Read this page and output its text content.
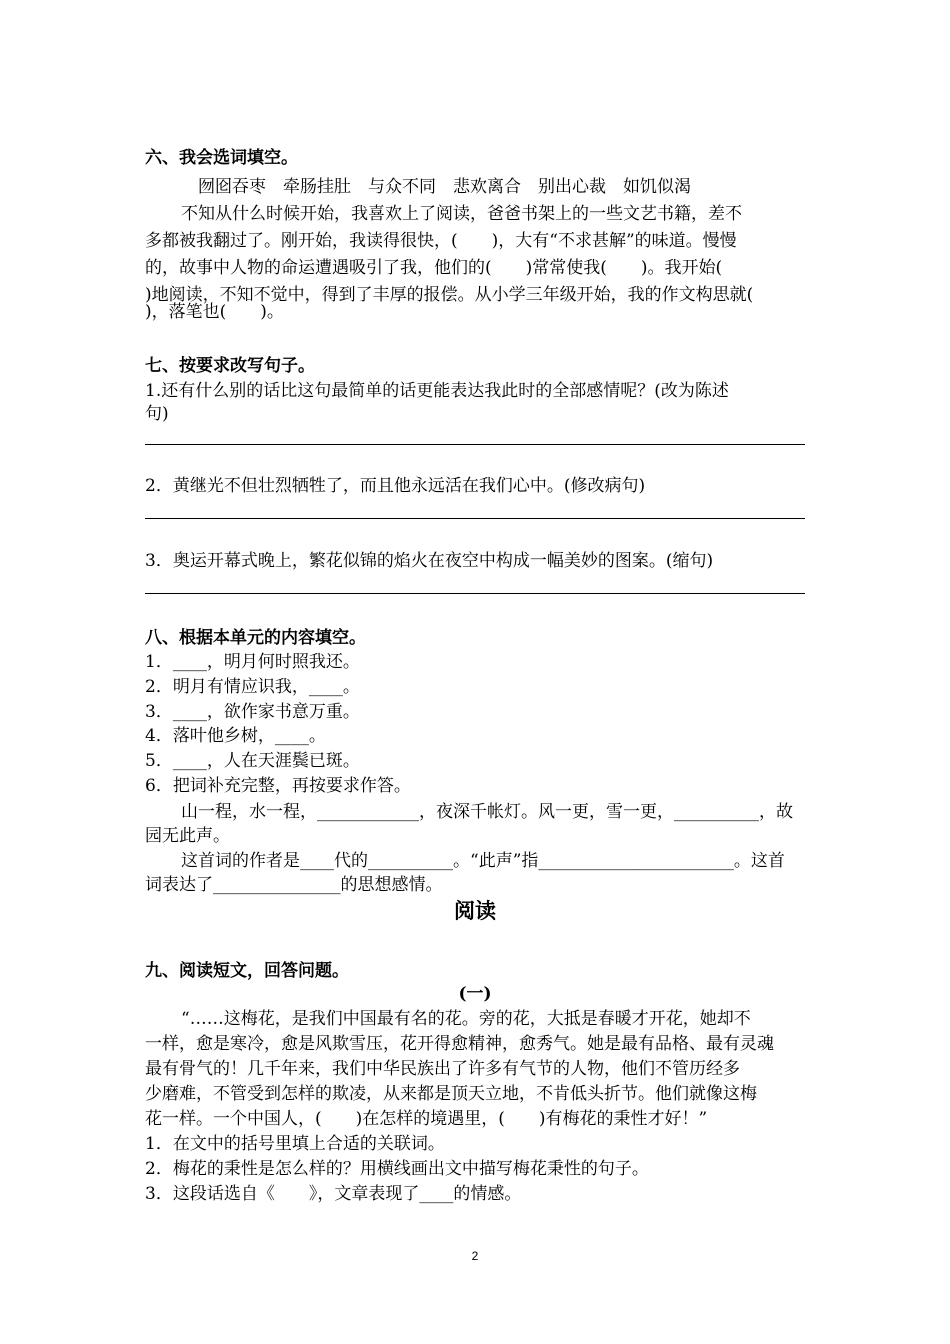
六、我会选词填空。
囫囵吞枣　牵肠挂肚　与众不同　悲欢离合　别出心裁　如饥似渴
不知从什么时候开始，我喜欢上了阅读，爸爸书架上的一些文艺书籍，差不
多都被我翻过了。刚开始，我读得很快，(　　)，大有“不求甚解”的味道。慢慢
的，故事中人物的命运遭遇吸引了我，他们的(　　)常常使我(　　)。我开始(
)地阅读，不知不觉中，得到了丰厚的报偿。从小学三年级开始，我的作文构思就(
)，落笔也(　　)。
七、按要求改写句子。
1.还有什么别的话比这句最简单的话更能表达我此时的全部感情呢？(改为陈述
句)
2．黄继光不但壮烈牺牲了，而且他永远活在我们心中。(修改病句)
3．奥运开幕式晚上，繁花似锦的焰火在夜空中构成一幅美妙的图案。(缩句)
八、根据本单元的内容填空。
1．____，明月何时照我还。
2．明月有情应识我，____。
3．____，欲作家书意万重。
4．落叶他乡树，____。
5．____，人在天涯鬓已斑。
6．把词补充完整，再按要求作答。
山一程，水一程，____________，夜深千帐灯。风一更，雪一更，__________，故
园无此声。
这首词的作者是____代的__________。“此声”指_______________________。这首
词表达了_______________的思想感情。
阅读
九、阅读短文，回答问题。
(一)
“……这梅花，是我们中国最有名的花。旁的花，大抵是春暖才开花，她却不
一样，愈是寒冷，愈是风欺雪压，花开得愈精神，愈秀气。她是最有品格、最有灵魂
最有骨气的！几千年来，我们中华民族出了许多有气节的人物，他们不管历经多
少磨难，不管受到怎样的欺凌，从来都是顶天立地，不肯低头折节。他们就像这梅
花一样。一个中国人，(　　)在怎样的境遇里，(　　)有梅花的秉性才好！”
1．在文中的括号里填上合适的关联词。
2．梅花的秉性是怎么样的？用横线画出文中描写梅花秉性的句子。
3．这段话选自《　　》，文章表现了____的情感。
2
